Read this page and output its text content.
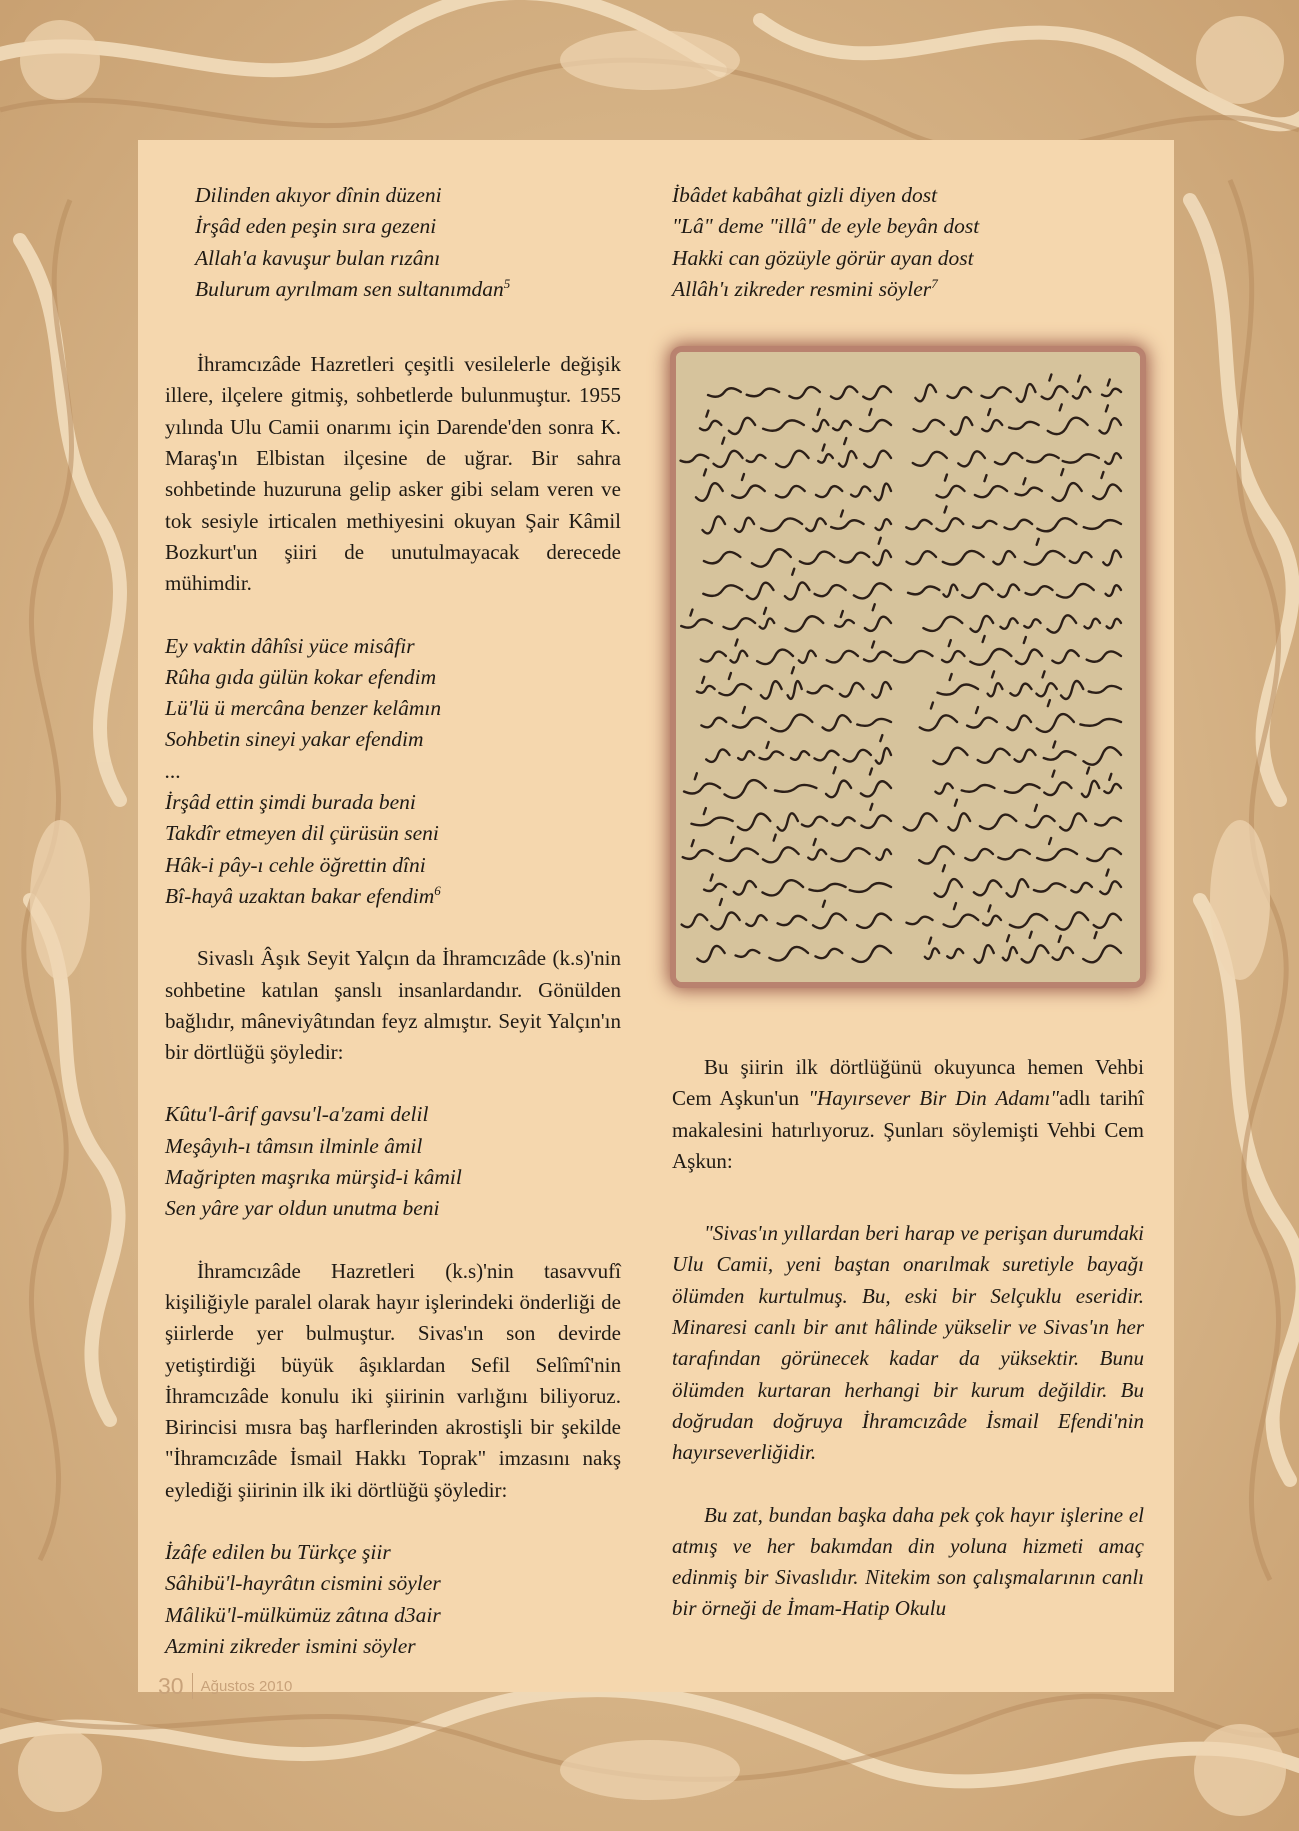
Dilinden akıyor dînin düzeni
İrşâd eden peşin sıra gezeni
Allah'a kavuşur bulan rızânı
Bulurum ayrılmam sen sultanımdan$^5$

İhramcızâde Hazretleri çeşitli vesilelerle değişik illere, ilçelere gitmiş, sohbetlerde bulunmuştur. 1955 yılında Ulu Camii onarımı için Darende'den sonra K. Maraş'ın Elbistan ilçesine de uğrar. Bir sahra sohbetinde huzuruna gelip asker gibi selam veren ve tok sesiyle irticalen methiyesini okuyan Şair Kâmil Bozkurt'un şiiri de unutulmayacak derecede mühimdir.

Ey vaktin dâhîsi yüce misâfir
Rûha gıda gülün kokar efendim
Lü'lü ü mercâna benzer kelâmın
Sohbetin sineyi yakar efendim
...
İrşâd ettin şimdi burada beni
Takdîr etmeyen dil çürüsün seni
Hâk-i pây-ı cehle öğrettin dîni
Bî-hayâ uzaktan bakar efendim$^6$

Sivaslı Âşık Seyit Yalçın da İhramcızâde (k.s)'nin sohbetine katılan şanslı insanlardandır. Gönülden bağlıdır, mâneviyâtından feyz almıştır. Seyit Yalçın'ın bir dörtlüğü şöyledir:

Kûtu'l-ârif gavsu'l-a'zami delil
Meşâyıh-ı tâmsın ilminle âmil
Mağripten maşrıka mürşid-i kâmil
Sen yâre yar oldun unutma beni

İhramcızâde Hazretleri (k.s)'nin tasavvufî kişiliğiyle paralel olarak hayır işlerindeki önderliği de şiirlerde yer bulmuştur. Sivas'ın son devirde yetiştirdiği büyük âşıklardan Sefil Selîmî'nin İhramcızâde konulu iki şiirinin varlığını biliyoruz. Birincisi mısra baş harflerinden akrostişli bir şekilde "İhramcızâde İsmail Hakkı Toprak" imzasını nakş eylediği şiirinin ilk iki dörtlüğü şöyledir:

İzâfe edilen bu Türkçe şiir
Sâhibü'l-hayrâtın cismini söyler
Mâlikü'l-mülkümüz zâtına d3air
Azmini zikreder ismini söyler

İbâdet kabâhat gizli diyen dost
"Lâ" deme "illâ" de eyle beyân dost
Hakki can gözüyle görür ayan dost
Allâh'ı zikreder resmini söyler$^7$

Bu şiirin ilk dörtlüğünü okuyunca hemen Vehbi Cem Aşkun'un "Hayırsever Bir Din Adamı"adlı tarihî makalesini hatırlıyoruz. Şunları söylemişti Vehbi Cem Aşkun:

"Sivas'ın yıllardan beri harap ve perişan durumdaki Ulu Camii, yeni baştan onarılmak suretiyle bayağı ölümden kurtulmuş. Bu, eski bir Selçuklu eseridir. Minaresi canlı bir anıt hâlinde yükselir ve Sivas'ın her tarafından görünecek kadar da yüksektir. Bunu ölümden kurtaran herhangi bir kurum değildir. Bu doğrudan doğruya İhramcızâde İsmail Efendi'nin hayırseverliğidir.

Bu zat, bundan başka daha pek çok hayır işlerine el atmış ve her bakımdan din yoluna hizmeti amaç edinmiş bir Sivaslıdır. Nitekim son çalışmalarının canlı bir örneği de İmam-Hatip Okulu

30 Ağustos 2010
